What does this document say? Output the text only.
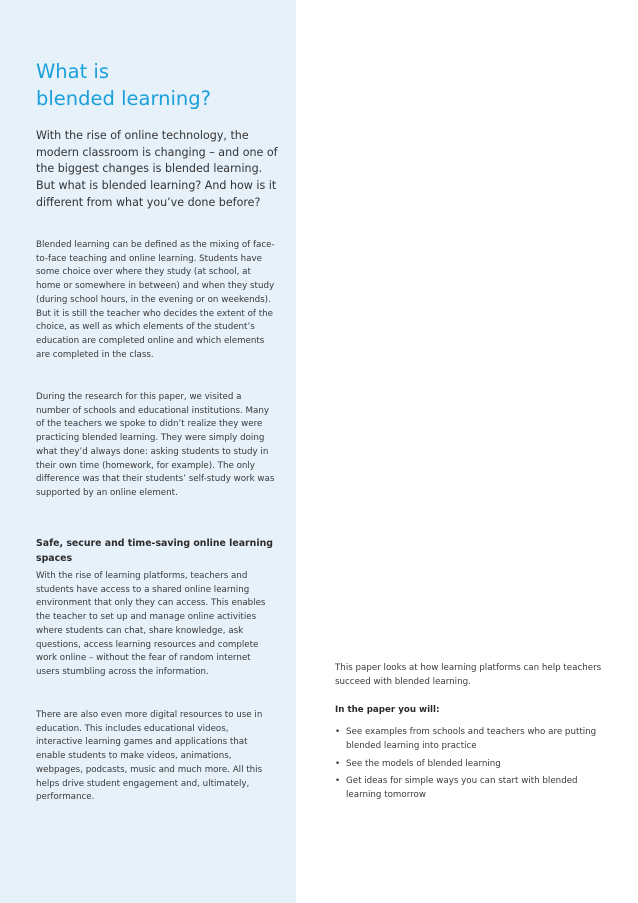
What is
blended learning?

With the rise of online technology, the modern classroom is changing – and one of the biggest changes is blended learning. But what is blended learning? And how is it different from what you’ve done before?

Blended learning can be defined as the mixing of face-to-face teaching and online learning. Students have some choice over where they study (at school, at home or somewhere in between) and when they study (during school hours, in the evening or on weekends). But it is still the teacher who decides the extent of the choice, as well as which elements of the student’s education are completed online and which elements are completed in the class.

During the research for this paper, we visited a number of schools and educational institutions. Many of the teachers we spoke to didn’t realize they were practicing blended learning. They were simply doing what they’d always done: asking students to study in their own time (homework, for example). The only difference was that their students’ self-study work was supported by an online element.

Safe, secure and time-saving online learning spaces

With the rise of learning platforms, teachers and students have access to a shared online learning environment that only they can access. This enables the teacher to set up and manage online activities where students can chat, share knowledge, ask questions, access learning resources and complete work online – without the fear of random internet users stumbling across the information.

There are also even more digital resources to use in education. This includes educational videos, interactive learning games and applications that enable students to make videos, animations, webpages, podcasts, music and much more. All this helps drive student engagement and, ultimately, performance.

This paper looks at how learning platforms can help teachers succeed with blended learning.

In the paper you will:

• See examples from schools and teachers who are putting blended learning into practice
• See the models of blended learning
• Get ideas for simple ways you can start with blended learning tomorrow
